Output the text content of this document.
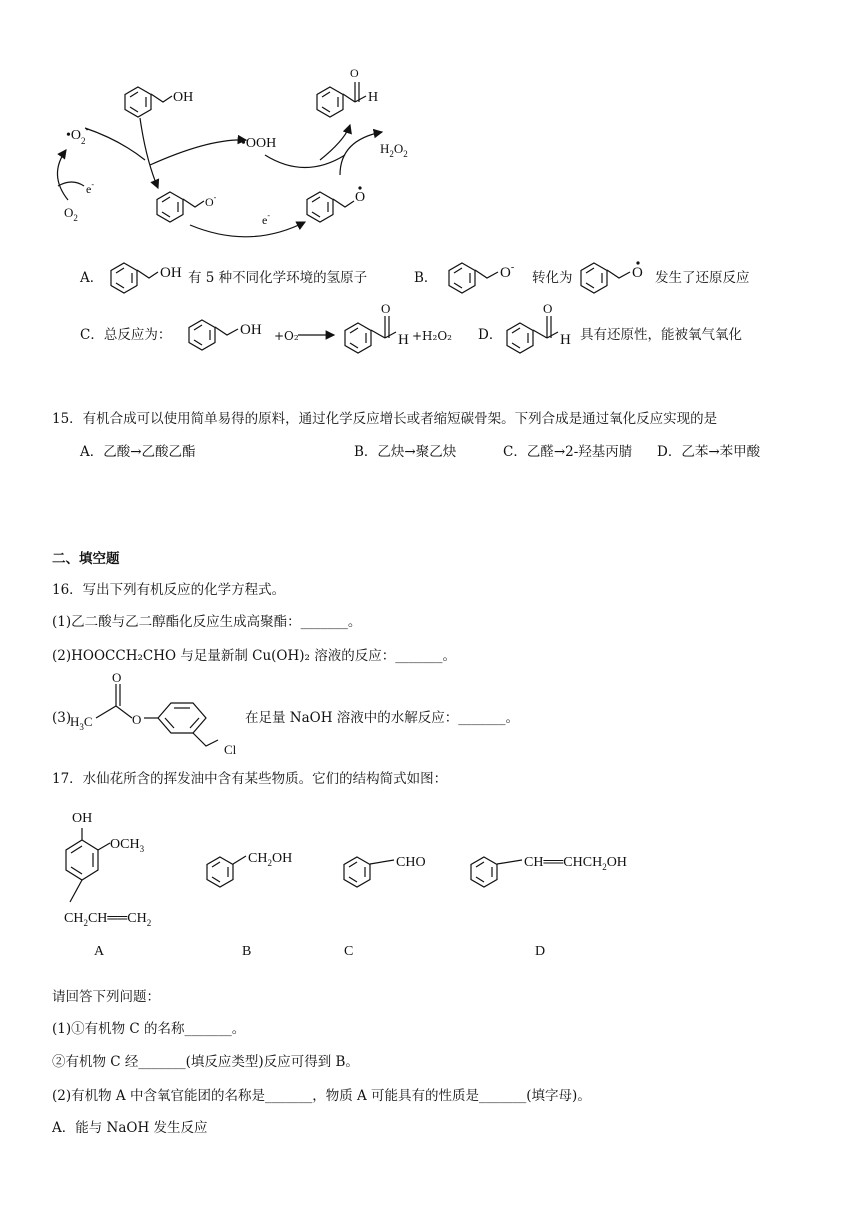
OH
O
H
$•O_2^-$
•OOH	$H_2O_2$
O-	O
$O_2$
e-
e-
A．	OH 有 5 种不同化学环境的氢原子	B．	O-
转化为	O 发生了还原反应
C．总反应为：	OH +O₂
O
H +H₂O₂ D．
O
H 具有还原性，能被氧气氧化
15．有机合成可以使用简单易得的原料，通过化学反应增长或者缩短碳骨架。下列合成是通过氧化反应实现的是
A．乙酸→乙酸乙酯	B．乙炔→聚乙炔	C．乙醛→2-羟基丙腈 D．乙苯→苯甲酸
二、填空题
16．写出下列有机反应的化学方程式。
(1)乙二酸与乙二醇酯化反应生成高聚酯：_______。
(2)HOOCCH₂CHO 与足量新制 Cu(OH)₂ 溶液的反应：_______。
(3)
$H_3C$
O
O
Cl
在足量 NaOH 溶液中的水解反应：_______。
17．水仙花所含的挥发油中含有某些物质。它们的结构简式如图：
OH
$OCH_3$
$CH_2CH══CH_2$
$CH_2OH$	CHO	$CH══CHCH_2OH$
A	B	C	D
请回答下列问题：
(1)①有机物 C 的名称_______。
②有机物 C 经_______(填反应类型)反应可得到 B。
(2)有机物 A 中含氧官能团的名称是_______，物质 A 可能具有的性质是_______(填字母)。
A．能与 NaOH 发生反应
